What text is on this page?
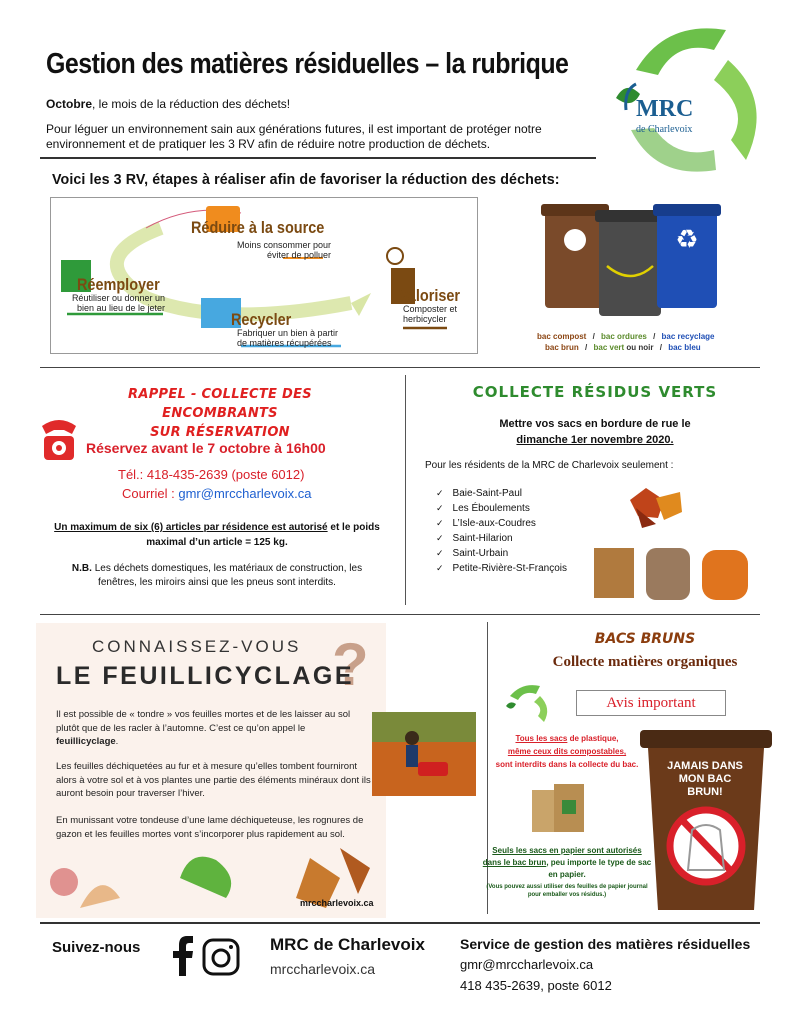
Gestion des matières résiduelles – la rubrique
Octobre, le mois de la réduction des déchets!
Pour léguer un environnement sain aux générations futures, il est important de protéger notre environnement et de pratiquer les 3 RV afin de réduire notre production de déchets.
MRC
de Charlevoix
Voici les 3 RV, étapes à réaliser afin de favoriser la réduction des déchets:
Réduire à la source
Moins consommer pour éviter de polluer
Réemployer
Réutiliser ou donner un bien au lieu de le jeter
Recycler
Fabriquer un bien à partir de matières récupérées
Valoriser
Composter et herbicycler
♻
bac compost / bac ordures / bac recyclage
bac brun / bac vert ou noir / bac bleu
RAPPEL - COLLECTE DES ENCOMBRANTS
SUR RÉSERVATION
Réservez avant le 7 octobre à 16h00
Tél.: 418-435-2639 (poste 6012)
Courriel : gmr@mrccharlevoix.ca
Un maximum de six (6) articles par résidence est autorisé et le poids maximal d’un article = 125 kg.
N.B. Les déchets domestiques, les matériaux de construction, les fenêtres, les miroirs ainsi que les pneus sont interdits.
COLLECTE RÉSIDUS VERTS
Mettre vos sacs en bordure de rue le
dimanche 1er novembre 2020.
Pour les résidents de la MRC de Charlevoix seulement :
✓ Baie-Saint-Paul
✓ Les Éboulements
✓ L’Isle-aux-Coudres
✓ Saint-Hilarion
✓ Saint-Urbain
✓ Petite-Rivière-St-François
?
CONNAISSEZ-VOUS
LE FEUILLICYCLAGE
Il est possible de « tondre » vos feuilles mortes et de les laisser au sol plutôt que de les racler à l’automne. C’est ce qu’on appel le feuillicyclage.
Les feuilles déchiquetées au fur et à mesure qu’elles tombent fourniront alors à votre sol et à vos plantes une partie des éléments minéraux dont ils auront besoin pour traverser l’hiver.
En munissant votre tondeuse d’une lame déchiqueteuse, les rognures de gazon et les feuilles mortes vont s’incorporer plus rapidement au sol.
mrccharlevoix.ca
BACS BRUNS
Collecte matières organiques
Avis important
Tous les sacs de plastique,
même ceux dits compostables,
sont interdits dans la collecte du bac.
Seuls les sacs en papier sont autorisés dans le bac brun, peu importe le type de sac en papier.
(Vous pouvez aussi utiliser des feuilles de papier journal pour emballer vos résidus.)
JAMAIS DANS MON BAC BRUN!
Suivez-nous	MRC de Charlevoix
mrccharlevoix.ca
Service de gestion des matières résiduelles
gmr@mrccharlevoix.ca
418 435-2639, poste 6012
